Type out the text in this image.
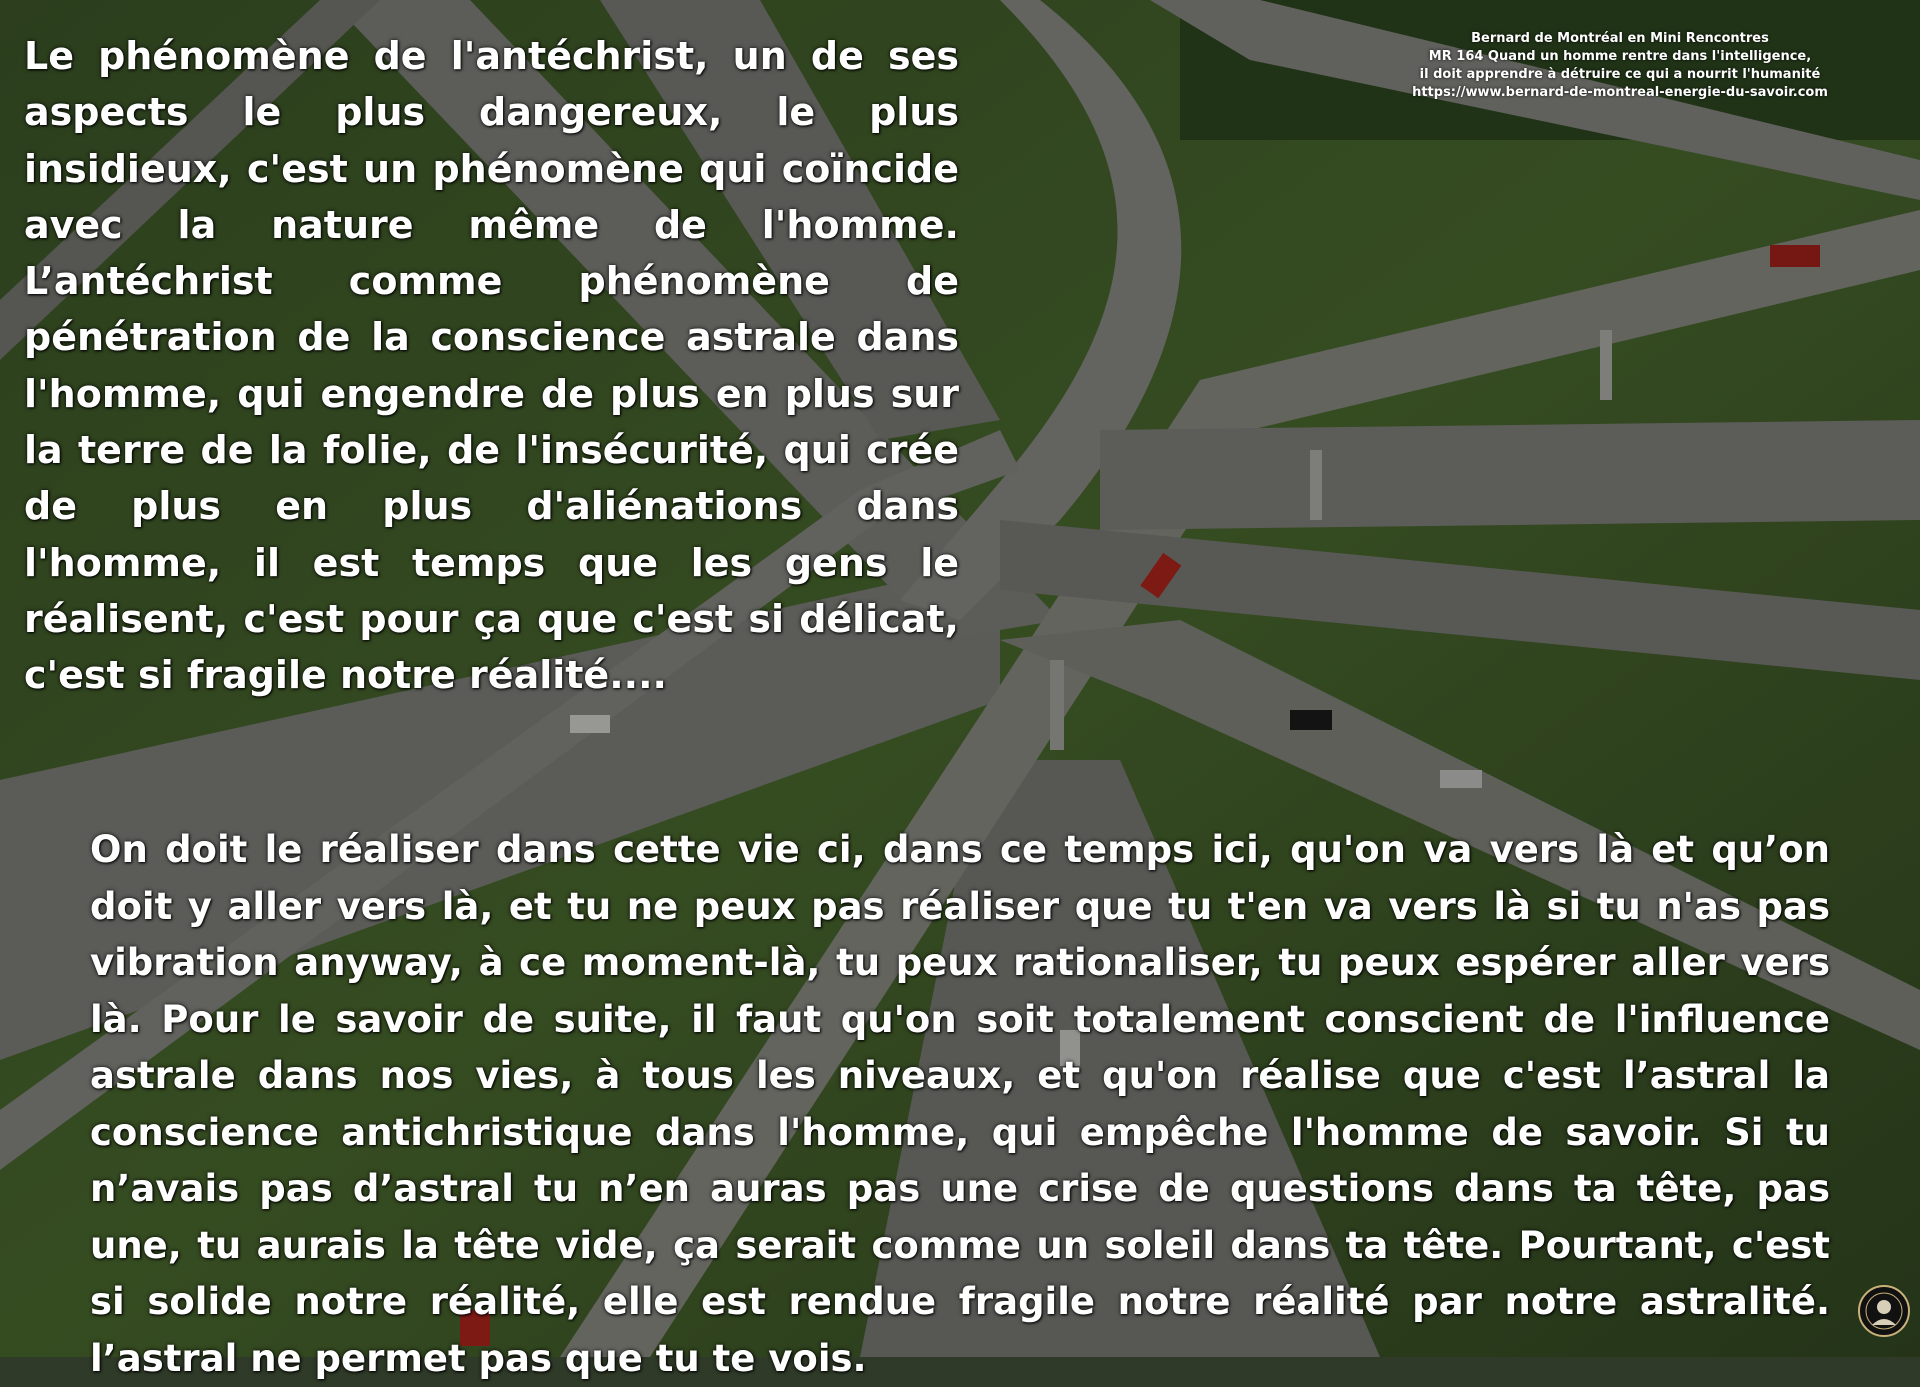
Le phénomène de l'antéchrist, un de ses aspects le plus dangereux, le plus insidieux, c'est un phénomène qui coïncide avec la nature même de l'homme. L’antéchrist comme phénomène de pénétration de la conscience astrale dans l'homme, qui engendre de plus en plus sur la terre de la folie, de l'insécurité, qui crée de plus en plus d'aliénations dans l'homme, il est temps que les gens le réalisent, c'est pour ça que c'est si délicat, c'est si fragile notre réalité....

Bernard de Montréal en Mini Rencontres
MR 164 Quand un homme rentre dans l'intelligence,
il doit apprendre à détruire ce qui a nourrit l'humanité
https://www.bernard-de-montreal-energie-du-savoir.com

On doit le réaliser dans cette vie ci, dans ce temps ici, qu'on va vers là et qu’on doit y aller vers là, et tu ne peux pas réaliser que tu t'en va vers là si tu n'as pas vibration anyway, à ce moment-là, tu peux rationaliser, tu peux espérer aller vers là. Pour le savoir de suite, il faut qu'on soit totalement conscient de l'influence astrale dans nos vies, à tous les niveaux, et qu'on réalise que c'est l’astral la conscience antichristique dans l'homme, qui empêche l'homme de savoir. Si tu n’avais pas d’astral tu n’en auras pas une crise de questions dans ta tête, pas une, tu aurais la tête vide, ça serait comme un soleil dans ta tête. Pourtant, c'est si solide notre réalité, elle est rendue fragile notre réalité par notre astralité. l’astral ne permet pas que tu te vois.
